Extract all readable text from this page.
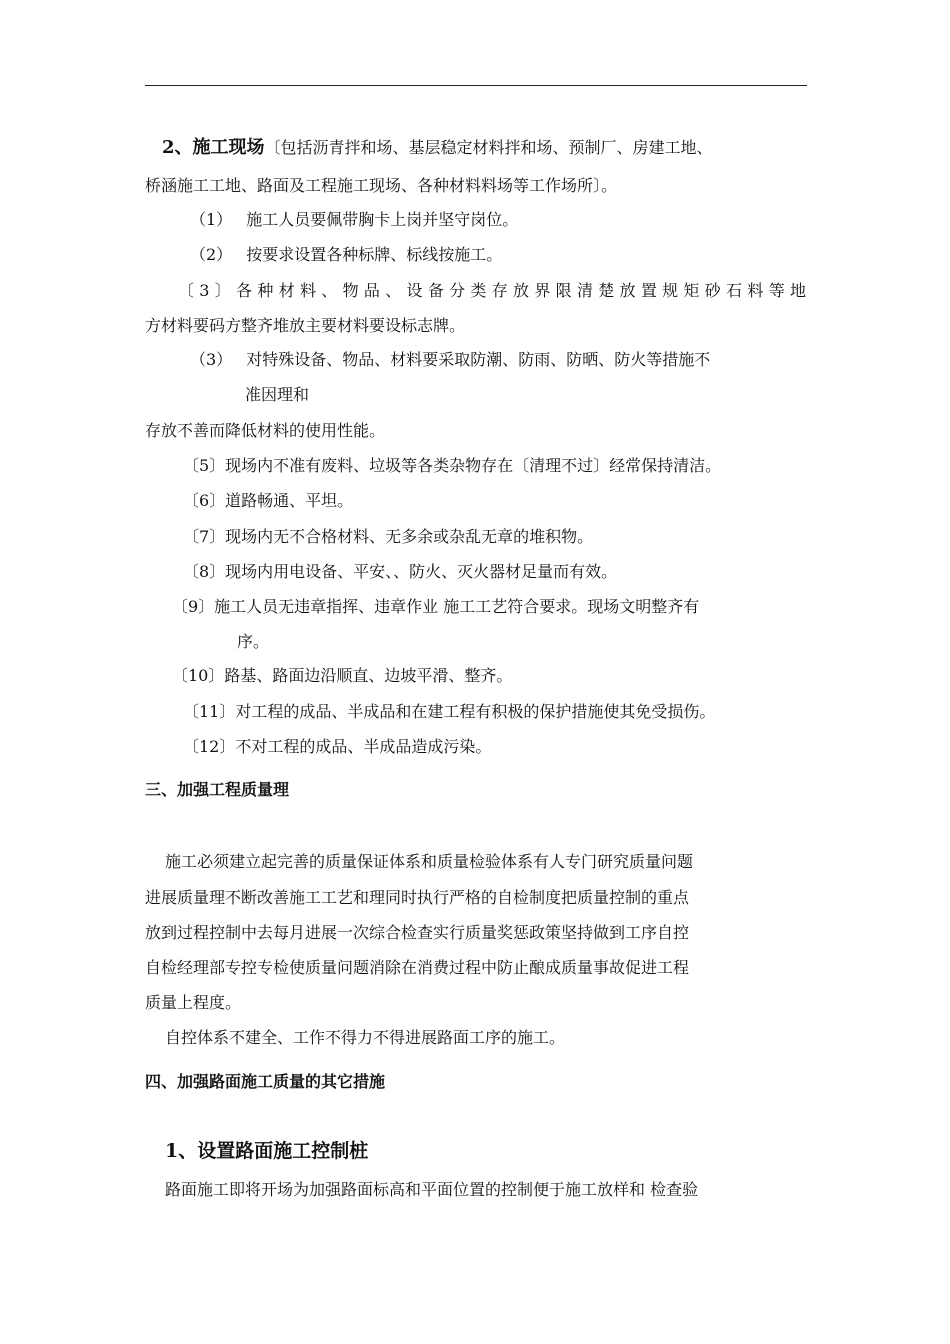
2、施工现场〔包括沥青拌和场、基层稳定材料拌和场、预制厂、房建工地、
桥涵施工工地、路面及工程施工现场、各种材料料场等工作场所〕。
（1） 施工人员要佩带胸卡上岗并坚守岗位。
（2） 按要求设置各种标牌、标线按施工。
〔3〕各种材料、物品、设备分类存放界限清楚放置规矩砂石料等地
方材料要码方整齐堆放主要材料要设标志牌。
（3） 对特殊设备、物品、材料要采取防潮、防雨、防晒、防火等措施不
准因理和
存放不善而降低材料的使用性能。
〔5〕现场内不准有废料、垃圾等各类杂物存在〔清理不过〕经常保持清洁。
〔6〕道路畅通、平坦。
〔7〕现场内无不合格材料、无多余或杂乱无章的堆积物。
〔8〕现场内用电设备、平安、、防火、灭火器材足量而有效。
〔9〕施工人员无违章指挥、违章作业 施工工艺符合要求。现场文明整齐有
序。
〔10〕路基、路面边沿顺直、边坡平滑、整齐。
〔11〕对工程的成品、半成品和在建工程有积极的保护措施使其免受损伤。
〔12〕不对工程的成品、半成品造成污染。
三、加强工程质量理
施工必须建立起完善的质量保证体系和质量检验体系有人专门研究质量问题
进展质量理不断改善施工工艺和理同时执行严格的自检制度把质量控制的重点
放到过程控制中去每月进展一次综合检查实行质量奖惩政策坚持做到工序自控
自检经理部专控专检使质量问题消除在消费过程中防止酿成质量事故促进工程
质量上程度。
自控体系不建全、工作不得力不得进展路面工序的施工。
四、加强路面施工质量的其它措施
1、设置路面施工控制桩
路面施工即将开场为加强路面标高和平面位置的控制便于施工放样和 检查验
